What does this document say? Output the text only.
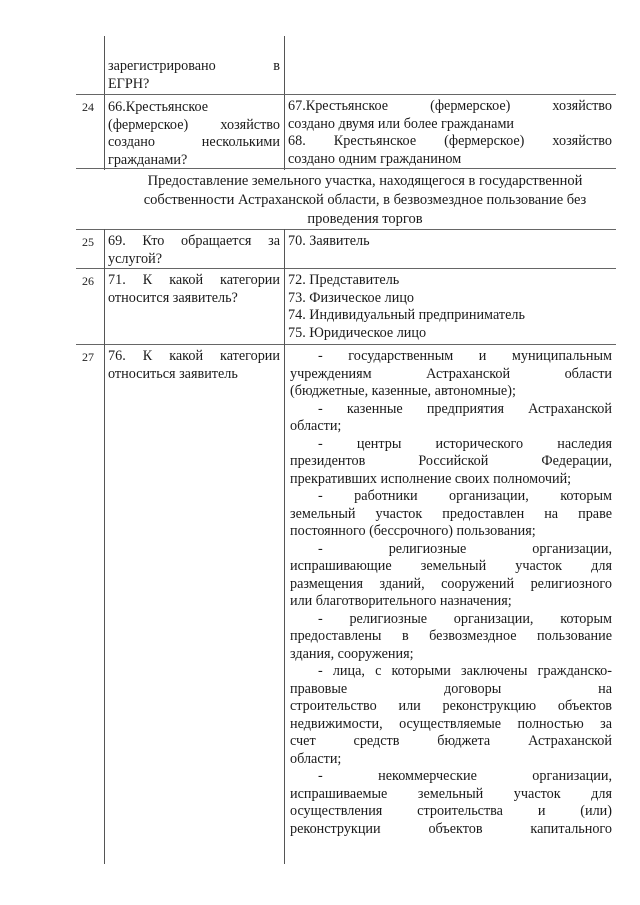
зарегистрировано	в
ЕГРН?
24 66.Крестьянское
(фермерское) хозяйство
создано несколькими
гражданами?
67.Крестьянское (фермерское) хозяйство
создано двумя или более гражданами
68. Крестьянское (фермерское) хозяйство
создано одним гражданином
Предоставление земельного участка, находящегося в государственной
собственности Астраханской области, в безвозмездное пользование без
проведения торгов
25 69. Кто обращается за
услугой?
70. Заявитель
26 71. К какой категории
относится заявитель?
72. Представитель
73. Физическое лицо
74. Индивидуальный предприниматель
75. Юридическое лицо
27 76. К какой категории
относиться заявитель
- государственным и муниципальным
учреждениям Астраханской области
(бюджетные, казенные, автономные);
- казенные предприятия Астраханской
области;
- центры исторического наследия
президентов Российской Федерации,
прекративших исполнение своих полномочий;
- работники организации, которым
земельный участок предоставлен на праве
постоянного (бессрочного) пользования;
- религиозные организации,
испрашивающие земельный участок для
размещения зданий, сооружений религиозного
или благотворительного назначения;
- религиозные организации, которым
предоставлены в безвозмездное пользование
здания, сооружения;
- лица, с которыми заключены гражданско-
правовые договоры на
строительство или реконструкцию объектов
недвижимости, осуществляемые полностью за
счет средств бюджета Астраханской
области;
- некоммерческие организации,
испрашиваемые земельный участок для
осуществления строительства и (или)
реконструкции объектов капитального
